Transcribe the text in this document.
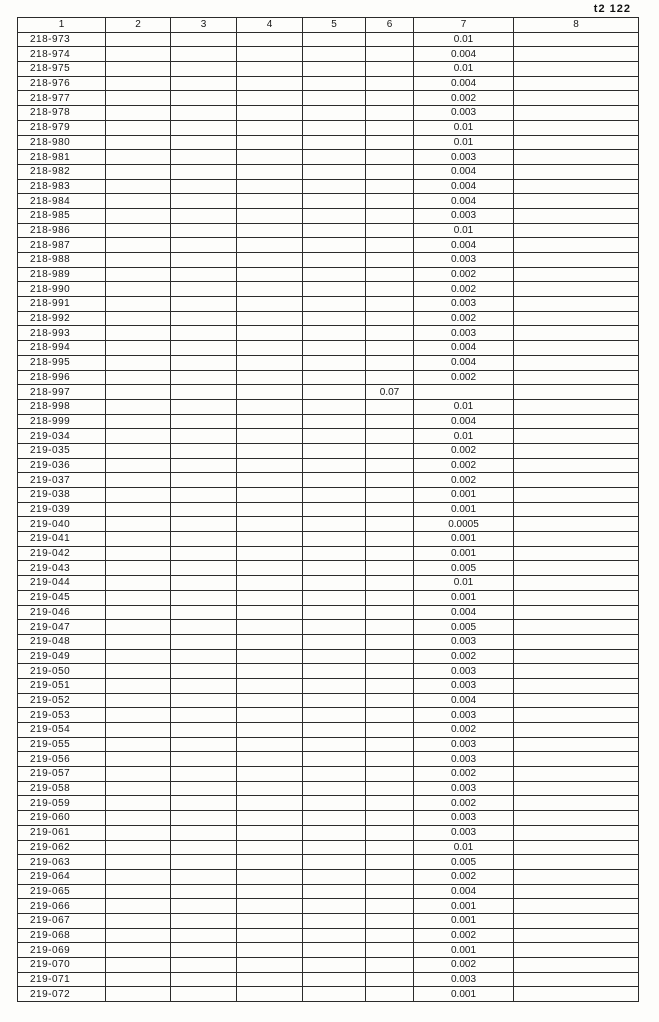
t2 122
1	2	3	4	5	6	7	8
218-973						0.01	
218-974						0.004	
218-975						0.01	
218-976						0.004	
218-977						0.002	
218-978						0.003	
218-979						0.01	
218-980						0.01	
218-981						0.003	
218-982						0.004	
218-983						0.004	
218-984						0.004	
218-985						0.003	
218-986						0.01	
218-987						0.004	
218-988						0.003	
218-989						0.002	
218-990						0.002	
218-991						0.003	
218-992						0.002	
218-993						0.003	
218-994						0.004	
218-995						0.004	
218-996						0.002	
218-997					0.07		
218-998						0.01	
218-999						0.004	
219-034						0.01	
219-035						0.002	
219-036						0.002	
219-037						0.002	
219-038						0.001	
219-039						0.001	
219-040						0.0005	
219-041						0.001	
219-042						0.001	
219-043						0.005	
219-044						0.01	
219-045						0.001	
219-046						0.004	
219-047						0.005	
219-048						0.003	
219-049						0.002	
219-050						0.003	
219-051						0.003	
219-052						0.004	
219-053						0.003	
219-054						0.002	
219-055						0.003	
219-056						0.003	
219-057						0.002	
219-058						0.003	
219-059						0.002	
219-060						0.003	
219-061						0.003	
219-062						0.01	
219-063						0.005	
219-064						0.002	
219-065						0.004	
219-066						0.001	
219-067						0.001	
219-068						0.002	
219-069						0.001	
219-070						0.002	
219-071						0.003	
219-072						0.001	
